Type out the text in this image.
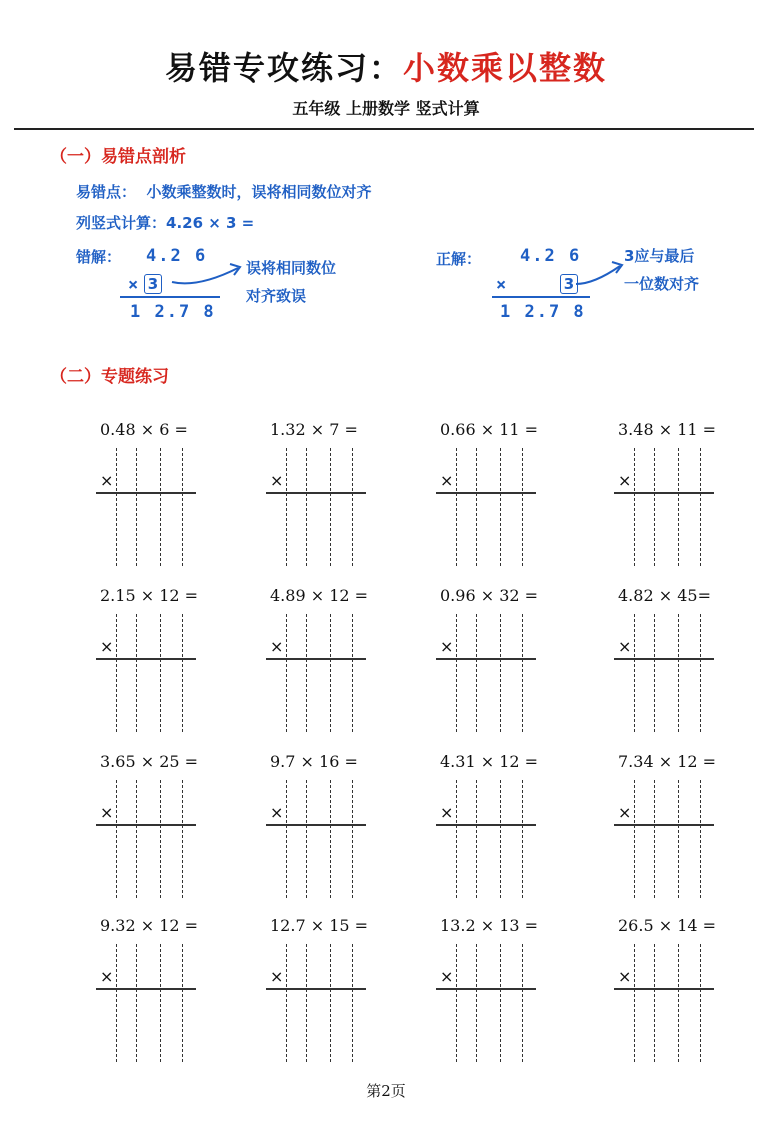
易错专攻练习：小数乘以整数
五年级 上册数学 竖式计算
（一）易错点剖析
易错点： 小数乘整数时，误将相同数位对齐
列竖式计算：4.26 × 3 =
错解： 4.2 6
× 3
1 2.7 8
误将相同数位
对齐致误
正解： 4.2 6
×	3
1 2.7 8
3应与最后
一位数对齐
（二）专题练习
0.48 × 6 =
×
1.32 × 7 =
×
0.66 × 11 =
×
3.48 × 11 =
×
2.15 × 12 =
×
4.89 × 12 =
×
0.96 × 32 =
×
4.82 × 45=
×
3.65 × 25 =
×
9.7 × 16 =
×
4.31 × 12 =
×
7.34 × 12 =
×
9.32 × 12 =
×
12.7 × 15 =
×
13.2 × 13 =
×
26.5 × 14 =
×
第2页
